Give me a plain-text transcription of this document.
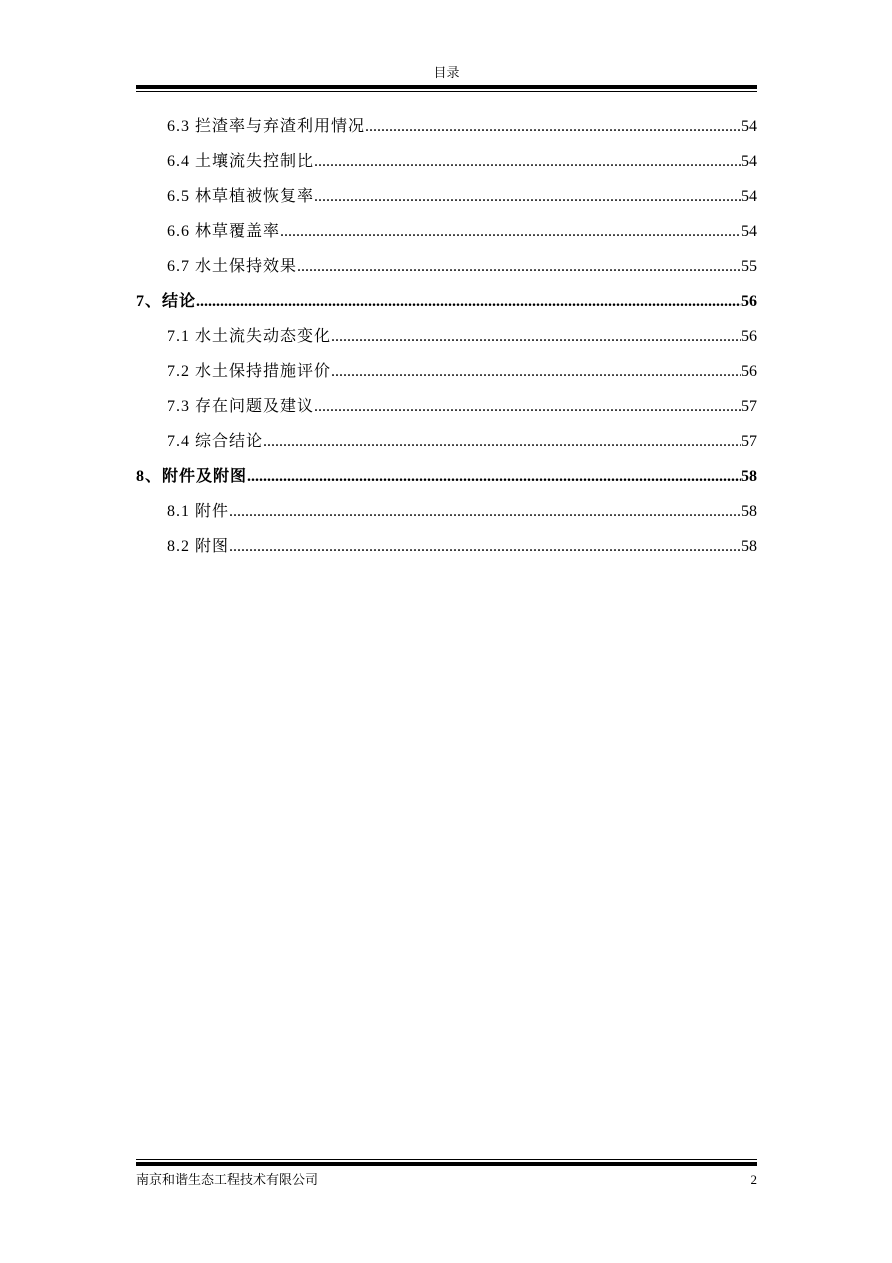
目录
6.3 拦渣率与弃渣利用情况 .....	54
6.4 土壤流失控制比 .....	54
6.5 林草植被恢复率 .....	54
6.6 林草覆盖率 .....	54
6.7 水土保持效果 .....	55
7、结论 .....	56
7.1 水土流失动态变化 .....	56
7.2 水土保持措施评价 .....	56
7.3 存在问题及建议 .....	57
7.4 综合结论 .....	57
8、附件及附图 .....	58
8.1 附件 .....	58
8.2 附图 .....	58
南京和谐生态工程技术有限公司	2
